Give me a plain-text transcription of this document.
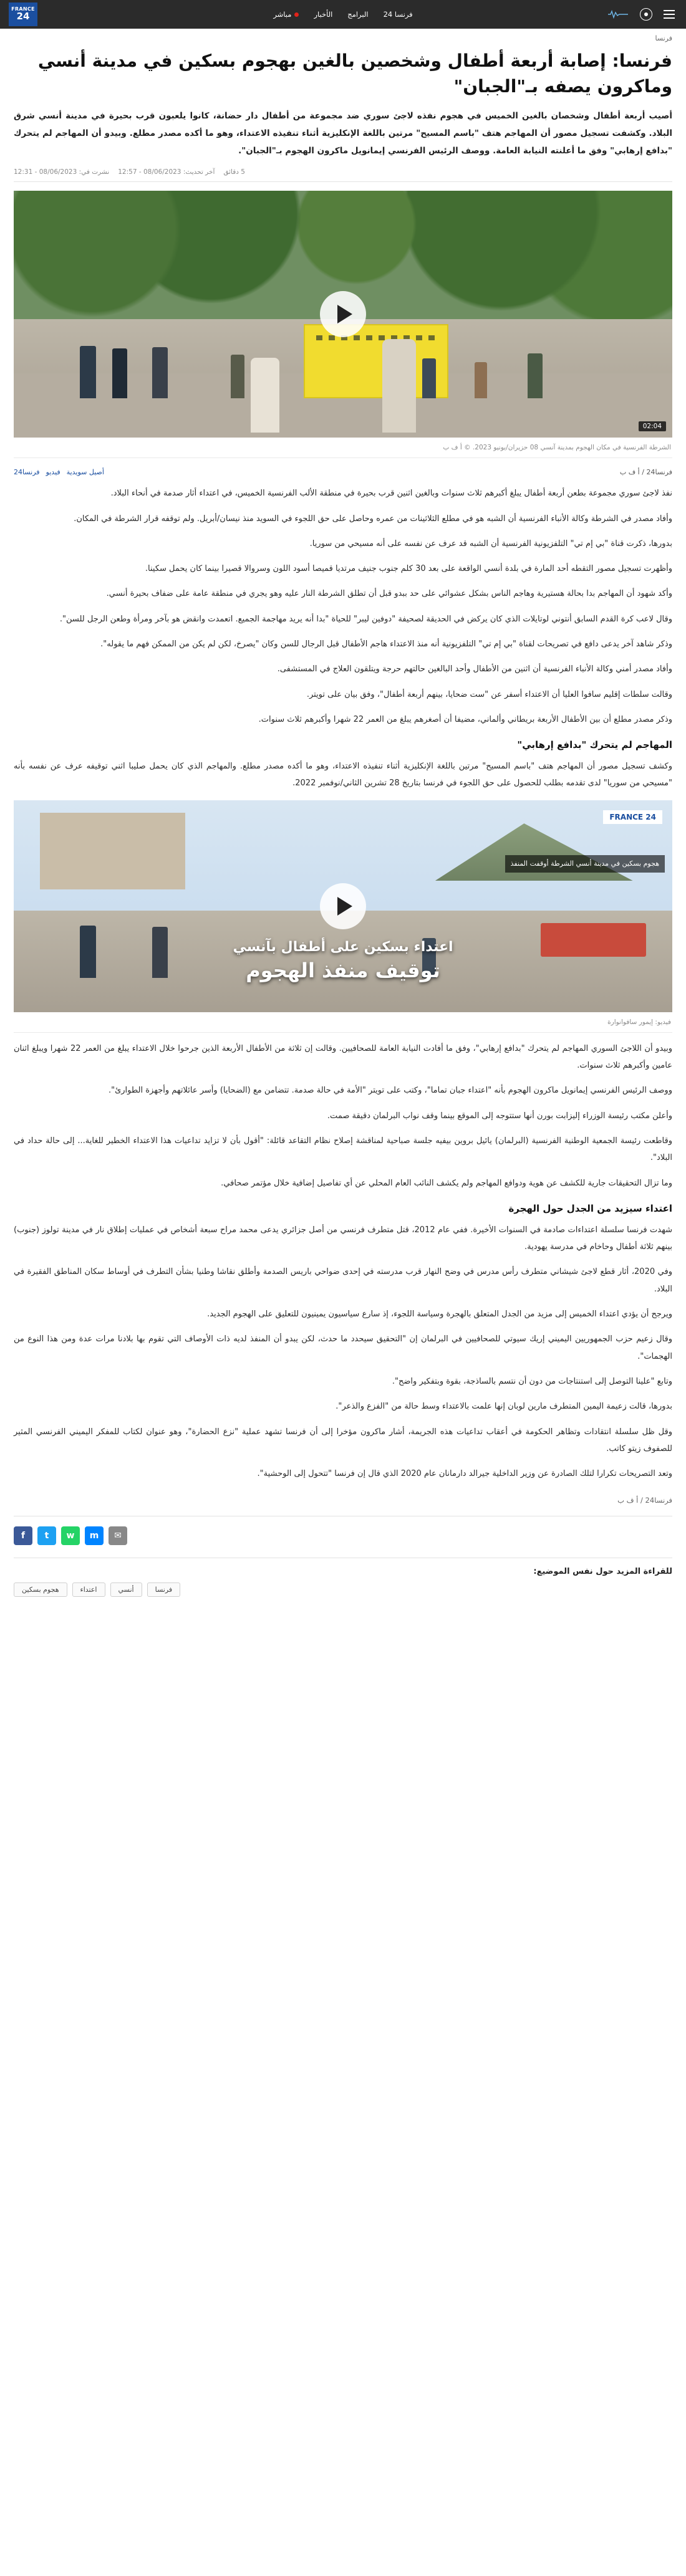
فرنسا 24
البرامج
الأخبار
مباشر
FRANCE
24
فرنسا
فرنسا: إصابة أربعة أطفال وشخصين بالغين بهجوم بسكين في مدينة أنسي وماكرون يصفه بـ"الجبان"

أصيب أربعة أطفال وشخصان بالغين الخميس في هجوم نفذه لاجئ سوري ضد مجموعة من أطفال دار حضانة، كانوا يلعبون قرب بحيرة في مدينة أنسي شرق البلاد. وكشفت تسجيل مصور أن المهاجم هتف "باسم المسيح" مرتين باللغة الإنكليزية أثناء تنفيذه الاعتداء، وهو ما أكده مصدر مطلع. وبيدو أن المهاجم لم يتحرك "بدافع إرهابي" وفق ما أعلنته النيابة العامة. ووصف الرئيس الفرنسي إيمانويل ماكرون الهجوم بـ"الجبان".

نشرت في: 08/06/2023 - 12:31	آخر تحديث: 08/06/2023 - 12:57	5 دقائق
02:04
الشرطة الفرنسية في مكان الهجوم بمدينة آنسي 08 حزيران/يونيو 2023. © أ ف ب
فرنسا24 / أ ف ب
فرنسا24 فيديو أصيل سويدية

نفذ لاجئ سوري مجموعة بطعن أربعة أطفال يبلغ أكبرهم ثلاث سنوات وبالغين اثنين قرب بحيرة في منطقة الألب الفرنسية الخميس، في اعتداء أثار صدمة في أنحاء البلاد.

وأفاد مصدر في الشرطة وكالة الأنباء الفرنسية أن الشبه هو في مطلع الثلاثينات من عمره وحاصل على حق اللجوء في السويد منذ نيسان/أبريل. ولم توقفه قرار الشرطة في المكان.

بدورها، ذكرت قناة "بي إم تي" التلفزيونية الفرنسية أن الشبه قد عرف عن نفسه على أنه مسيحي من سوريا.

وأظهرت تسجيل مصور التقطه أحد المارة في بلدة أنسي الواقعة على بعد 30 كلم جنوب جنيف مرتديا قميصا أسود اللون وسروالا قصيرا بينما كان يحمل سكينا.

وأكد شهود أن المهاجم بدا بحالة هستيرية وهاجم الناس بشكل عشوائي على حد ببدو قبل أن تطلق الشرطة النار عليه وهو يجري في منطقة عامة على ضفاف بحيرة أنسي.

وقال لاعب كرة القدم السابق أنتوني لوتايلات الذي كان يركض في الحديقة لصحيفة "دوفين ليبر" للحياة "بدا أنه يريد مهاجمة الجميع. اتعمدت وانقض هو بآخر ومرأة وطعن الرجل للسن".

وذكر شاهد آخر يدعى دافع في تصريحات لقناة "بي إم تي" التلفزيونية أنه منذ الاعتداء هاجم الأطفال قبل الرجال للسن وكان "يصرخ، لكن لم يكن من الممكن فهم ما يقوله".

وأفاد مصدر أمني وكالة الأنباء الفرنسية أن اثنين من الأطفال وأحد البالغين حالتهم حرجة ويتلقون العلاج في المستشفى.

وقالت سلطات إقليم سافوا العليا أن الاعتداء أسفر عن "ست ضحايا، بينهم أربعة أطفال"، وفق بيان على تويتر.

وذكر مصدر مطلع أن بين الأطفال الأربعة بريطاني وألماني، مضيفا أن أصغرهم يبلغ من العمر 22 شهرا وأكبرهم ثلاث سنوات.

المهاجم لم يتحرك "بدافع إرهابي"

وكشف تسجيل مصور أن المهاجم هتف "باسم المسيح" مرتين باللغة الإنكليزية أثناء تنفيذه الاعتداء، وهو ما أكده مصدر مطلع. والمهاجم الذي كان يحمل صليبا اثني توقيفه عرف عن نفسه بأنه "مسيحي من سوريا" لدى تقدمه بطلب للحصول على حق اللجوء في فرنسا بتاريخ 28 تشرين الثاني/نوفمبر 2022.

FRANCE 24
هجوم بسكين في مدينة أنسي الشرطة أوقفت المنفذ
اعتداء بسكين على أطفال بآنسي
توقيف منفذ الهجوم
فيديو: إيمور سافوانوارة

وبيدو أن اللاجئ السوري المهاجم لم يتحرك "بدافع إرهابي"، وفق ما أفادت النيابة العامة للصحافيين. وقالت إن ثلاثة من الأطفال الأربعة الذين جرحوا خلال الاعتداء يبلغ من العمر 22 شهرا ويبلغ اثنان عامين وأكبرهم ثلاث سنوات.

ووصف الرئيس الفرنسي إيمانويل ماكرون الهجوم بأنه "اعتداء جبان تماما"، وكتب على تويتر "الأمة في حالة صدمة. تتضامن مع (الضحايا) وأسر عائلاتهم وأجهزة الطوارئ".

وأعلن مكتب رئيسة الوزراء إليزابت بورن أنها ستتوجه إلى الموقع بينما وقف نواب البرلمان دقيقة صمت.

وقاطعت رئيسة الجمعية الوطنية الفرنسية (البرلمان) يائيل بروين بيفيه جلسة صباحية لمناقشة إصلاح نظام التقاعد قائلة: "أقول بأن لا تزايد تداعيات هذا الاعتداء الخطير للغاية... إلى حالة حداد في البلاد".

وما تزال التحقيقات جارية للكشف عن هوية ودوافع المهاجم ولم يكشف النائب العام المحلي عن أي تفاصيل إضافية خلال مؤتمر صحافي.

اعتداء سيزيد من الجدل حول الهجرة

شهدت فرنسا سلسلة اعتداءات صادمة في السنوات الأخيرة. ففي عام 2012، قتل متطرف فرنسي من أصل جزائري يدعى محمد مراح سبعة أشخاص في عمليات إطلاق نار في مدينة تولوز (جنوب) بينهم ثلاثة أطفال وحاخام في مدرسة يهودية.

وفي 2020، أثار قطع لاجئ شيشاني متطرف رأس مدرس في وضح النهار قرب مدرسته في إحدى ضواحي باريس الصدمة وأطلق نقاشا وطنيا بشأن التطرف في أوساط سكان المناطق الفقيرة في البلاد.

ويرجح أن يؤدي اعتداء الخميس إلى مزيد من الجدل المتعلق بالهجرة وسياسة اللجوء، إذ سارع سياسيون يمينيون للتعليق على الهجوم الجديد.

وقال زعيم حزب الجمهوريين اليميني إريك سيوتي للصحافيين في البرلمان إن "التحقيق سيحدد ما حدث، لكن يبدو أن المنفذ لديه ذات الأوصاف التي تقوم بها بلادنا مرات عدة ومن هذا النوع من الهجمات".

وتابع "علينا التوصل إلى استنتاجات من دون أن نتسم بالساذجة، بقوة وبتفكير واضح".

بدورها، قالت زعيمة اليمين المتطرف مارين لوبان إنها علمت بالاعتداء وسط حالة من "الفزع والذعر".

وقل ظل سلسلة انتقادات وتظاهر الحكومة في أعقاب تداعيات هذه الجريمة، أشار ماكرون مؤخرا إلى أن فرنسا تشهد عملية "نزع الحضارة"، وهو عنوان لكتاب للمفكر اليميني الفرنسي المثير للصفوف زيتو كاتب.

وتعد التصريحات تكرارا لتلك الصادرة عن وزير الداخلية جيرالد دارمانان عام 2020 الذي قال إن فرنسا "تتحول إلى الوحشية".

فرنسا24 / أ ف ب
f	t	w	m	✉
للقراءة المزيد حول نفس الموضيع:
فرنسا
أنسي
اعتداء
هجوم بسكين
